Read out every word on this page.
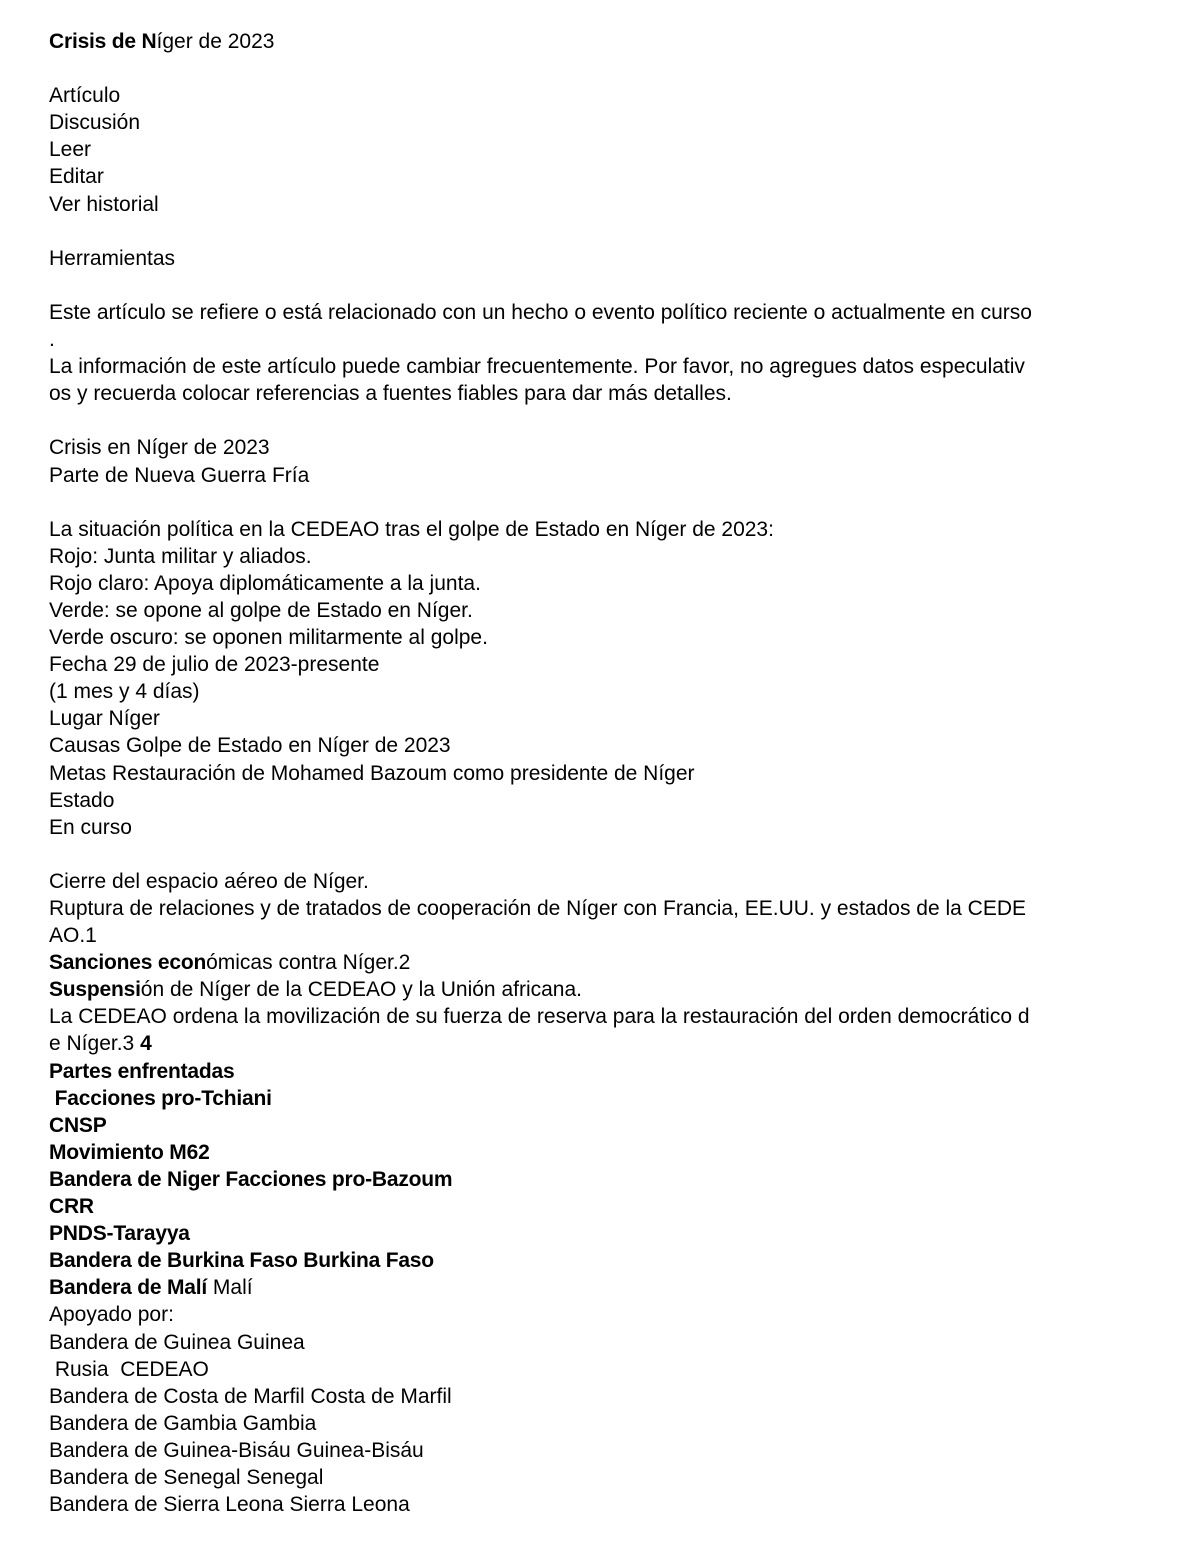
Crisis de Níger de 2023
Artículo
Discusión
Leer
Editar
Ver historial
Herramientas
Este artículo se refiere o está relacionado con un hecho o evento político reciente o actualmente en curso
.
La información de este artículo puede cambiar frecuentemente. Por favor, no agregues datos especulativ
os y recuerda colocar referencias a fuentes fiables para dar más detalles.
Crisis en Níger de 2023
Parte de Nueva Guerra Fría
La situación política en la CEDEAO tras el golpe de Estado en Níger de 2023:
Rojo: Junta militar y aliados.
Rojo claro: Apoya diplomáticamente a la junta.
Verde: se opone al golpe de Estado en Níger.
Verde oscuro: se oponen militarmente al golpe.
Fecha 29 de julio de 2023-presente
(1 mes y 4 días)
Lugar Níger
Causas Golpe de Estado en Níger de 2023
Metas Restauración de Mohamed Bazoum como presidente de Níger
Estado
En curso
Cierre del espacio aéreo de Níger.
Ruptura de relaciones y de tratados de cooperación de Níger con Francia, EE.UU. y estados de la CEDE
AO.1
Sanciones económicas contra Níger.2
Suspensión de Níger de la CEDEAO y la Unión africana.
La CEDEAO ordena la movilización de su fuerza de reserva para la restauración del orden democrático d
e Níger.3 4
Partes enfrentadas
Facciones pro-Tchiani
CNSP
Movimiento M62
Bandera de Niger Facciones pro-Bazoum
CRR
PNDS-Tarayya
Bandera de Burkina Faso Burkina Faso
Bandera de Malí Malí
Apoyado por:
Bandera de Guinea Guinea
Rusia  CEDEAO
Bandera de Costa de Marfil Costa de Marfil
Bandera de Gambia Gambia
Bandera de Guinea-Bisáu Guinea-Bisáu
Bandera de Senegal Senegal
Bandera de Sierra Leona Sierra Leona
